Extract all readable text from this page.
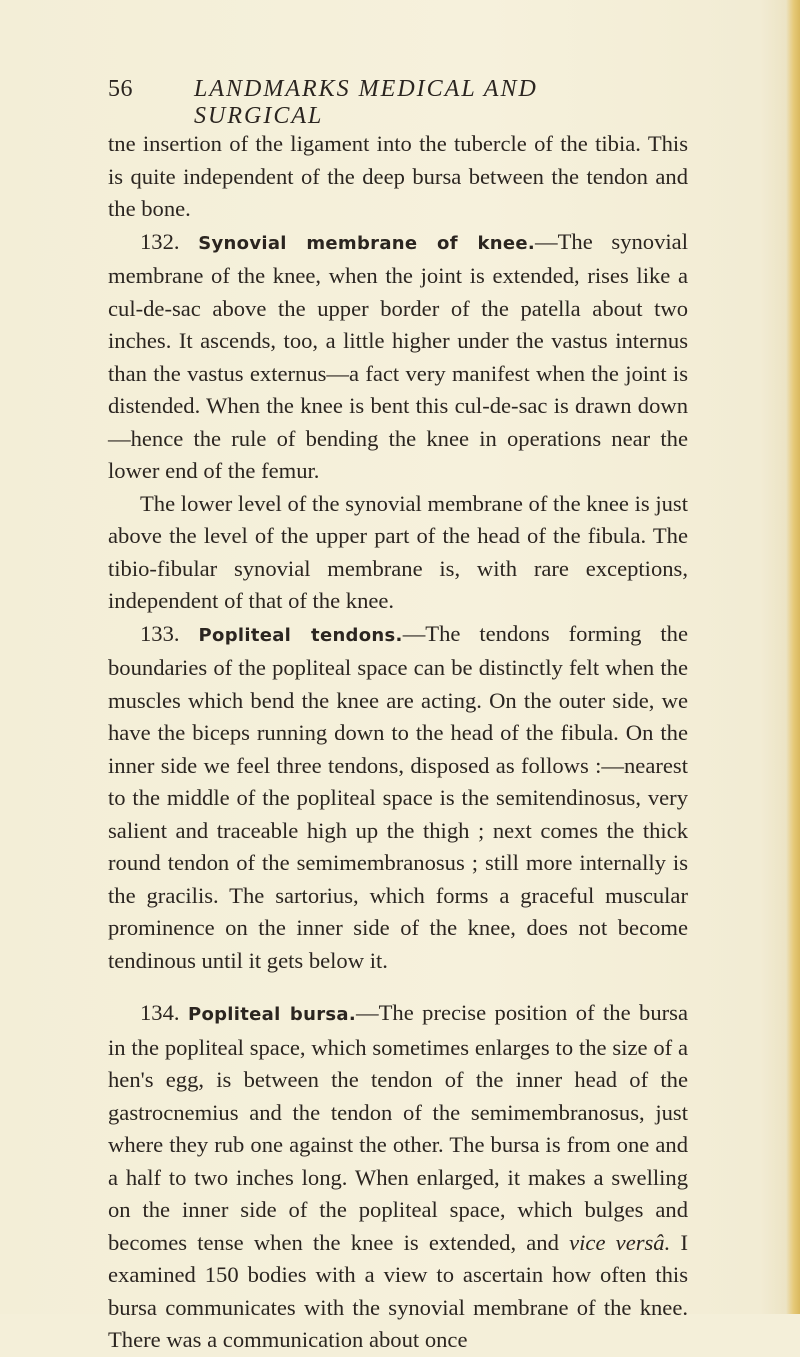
56	LANDMARKS MEDICAL AND SURGICAL

tne insertion of the ligament into the tubercle of the tibia. This is quite independent of the deep bursa between the tendon and the bone.

132. Synovial membrane of knee.—The synovial membrane of the knee, when the joint is extended, rises like a cul-de-sac above the upper border of the patella about two inches. It ascends, too, a little higher under the vastus internus than the vastus externus—a fact very manifest when the joint is distended. When the knee is bent this cul-de-sac is drawn down—hence the rule of bending the knee in operations near the lower end of the femur.

The lower level of the synovial membrane of the knee is just above the level of the upper part of the head of the fibula. The tibio-fibular synovial membrane is, with rare exceptions, independent of that of the knee.

133. Popliteal tendons.—The tendons forming the boundaries of the popliteal space can be distinctly felt when the muscles which bend the knee are acting. On the outer side, we have the biceps running down to the head of the fibula. On the inner side we feel three tendons, disposed as follows :—nearest to the middle of the popliteal space is the semitendinosus, very salient and traceable high up the thigh ; next comes the thick round tendon of the semimembranosus ; still more internally is the gracilis. The sartorius, which forms a graceful muscular prominence on the inner side of the knee, does not become tendinous until it gets below it.

134. Popliteal bursa.—The precise position of the bursa in the popliteal space, which sometimes enlarges to the size of a hen's egg, is between the tendon of the inner head of the gastrocnemius and the tendon of the semimembranosus, just where they rub one against the other. The bursa is from one and a half to two inches long. When enlarged, it makes a swelling on the inner side of the popliteal space, which bulges and becomes tense when the knee is extended, and vice versâ. I examined 150 bodies with a view to ascertain how often this bursa communicates with the synovial membrane of the knee. There was a communication about once
